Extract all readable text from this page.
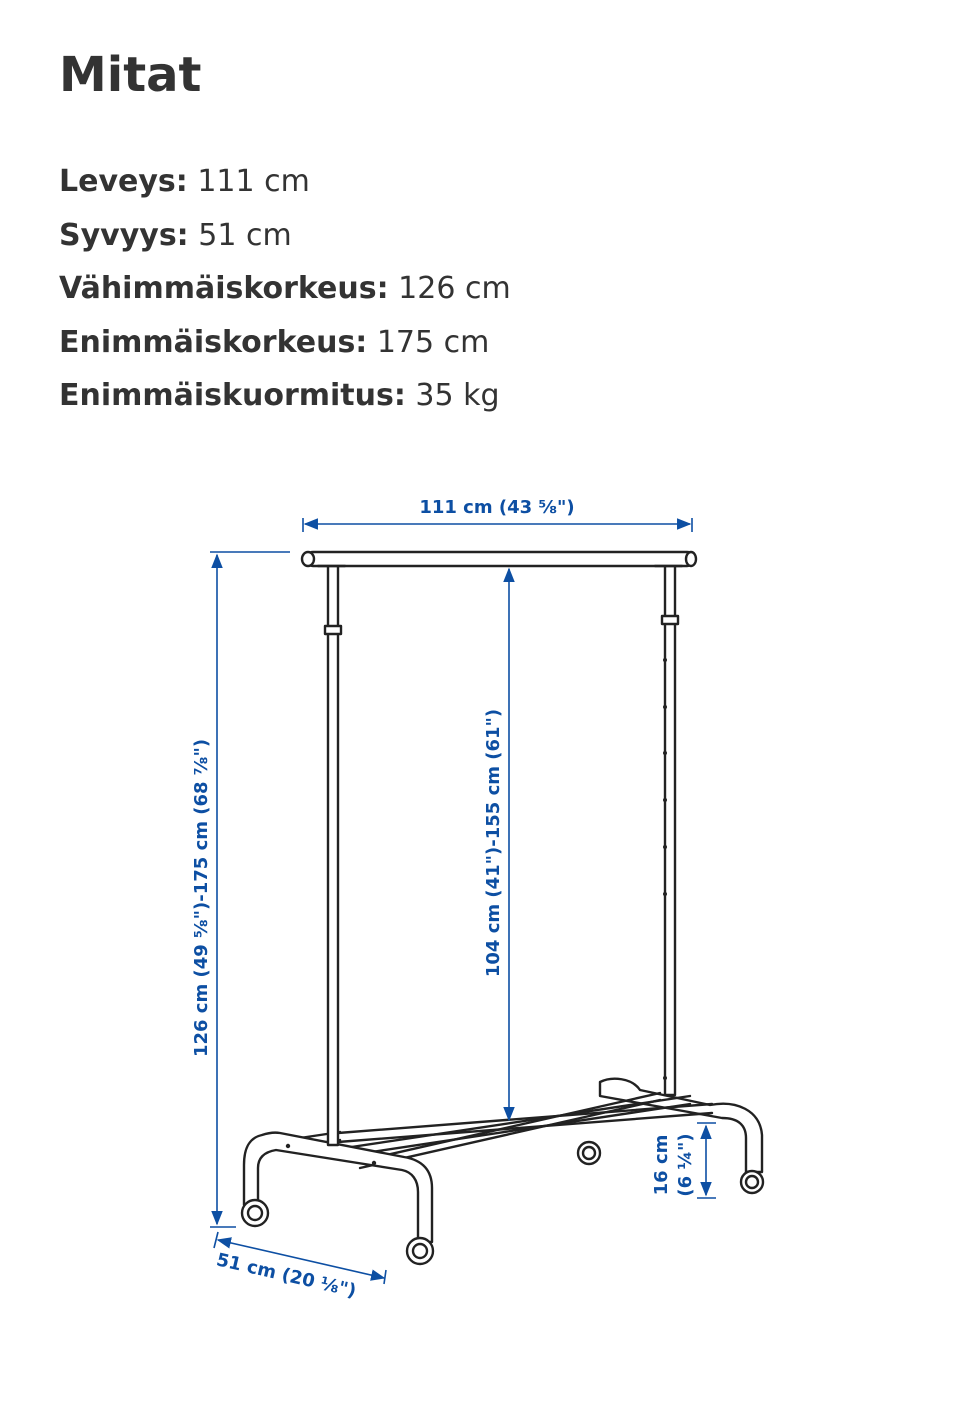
Mitat
Leveys: 111 cm
Syvyys: 51 cm
Vähimmäiskorkeus: 126 cm
Enimmäiskorkeus: 175 cm
Enimmäiskuormitus: 35 kg
111 cm (43 ⅝")
126 cm (49 ⅝")-175 cm (68 ⅞")	104 cm (41")-155 cm (61")
51 cm (20 ⅛")
16 cm (6 ¼")
